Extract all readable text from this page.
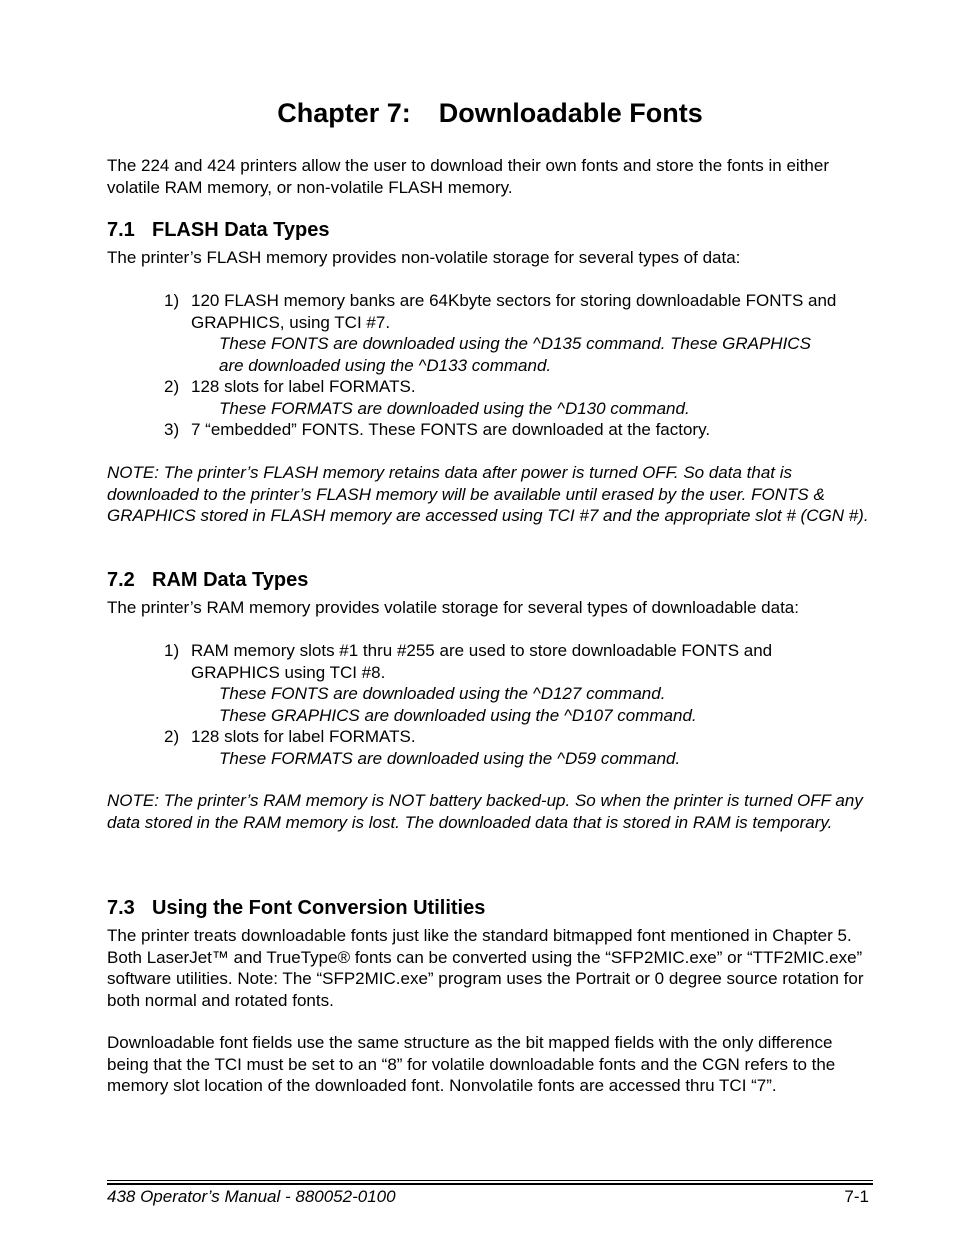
Chapter 7: Downloadable Fonts

The 224 and 424 printers allow the user to download their own fonts and store the fonts in either volatile RAM memory, or non-volatile FLASH memory.

7.1 FLASH Data Types

The printer’s FLASH memory provides non-volatile storage for several types of data:

1) 120 FLASH memory banks are 64Kbyte sectors for storing downloadable FONTS and GRAPHICS, using TCI #7.
These FONTS are downloaded using the ^D135 command. These GRAPHICS are downloaded using the ^D133 command.
2) 128 slots for label FORMATS.
These FORMATS are downloaded using the ^D130 command.
3) 7 “embedded” FONTS. These FONTS are downloaded at the factory.

NOTE: The printer’s FLASH memory retains data after power is turned OFF. So data that is downloaded to the printer’s FLASH memory will be available until erased by the user. FONTS & GRAPHICS stored in FLASH memory are accessed using TCI #7 and the appropriate slot # (CGN #).

7.2 RAM Data Types

The printer’s RAM memory provides volatile storage for several types of downloadable data:

1) RAM memory slots #1 thru #255 are used to store downloadable FONTS and GRAPHICS using TCI #8.
These FONTS are downloaded using the ^D127 command.
These GRAPHICS are downloaded using the ^D107 command.
2) 128 slots for label FORMATS.
These FORMATS are downloaded using the ^D59 command.

NOTE: The printer’s RAM memory is NOT battery backed-up. So when the printer is turned OFF any data stored in the RAM memory is lost. The downloaded data that is stored in RAM is temporary.

7.3 Using the Font Conversion Utilities

The printer treats downloadable fonts just like the standard bitmapped font mentioned in Chapter 5. Both LaserJet™ and TrueType® fonts can be converted using the “SFP2MIC.exe” or “TTF2MIC.exe” software utilities. Note: The “SFP2MIC.exe” program uses the Portrait or 0 degree source rotation for both normal and rotated fonts.

Downloadable font fields use the same structure as the bit mapped fields with the only difference being that the TCI must be set to an “8” for volatile downloadable fonts and the CGN refers to the memory slot location of the downloaded font. Nonvolatile fonts are accessed thru TCI “7”.

438 Operator’s Manual - 880052-0100	7-1
